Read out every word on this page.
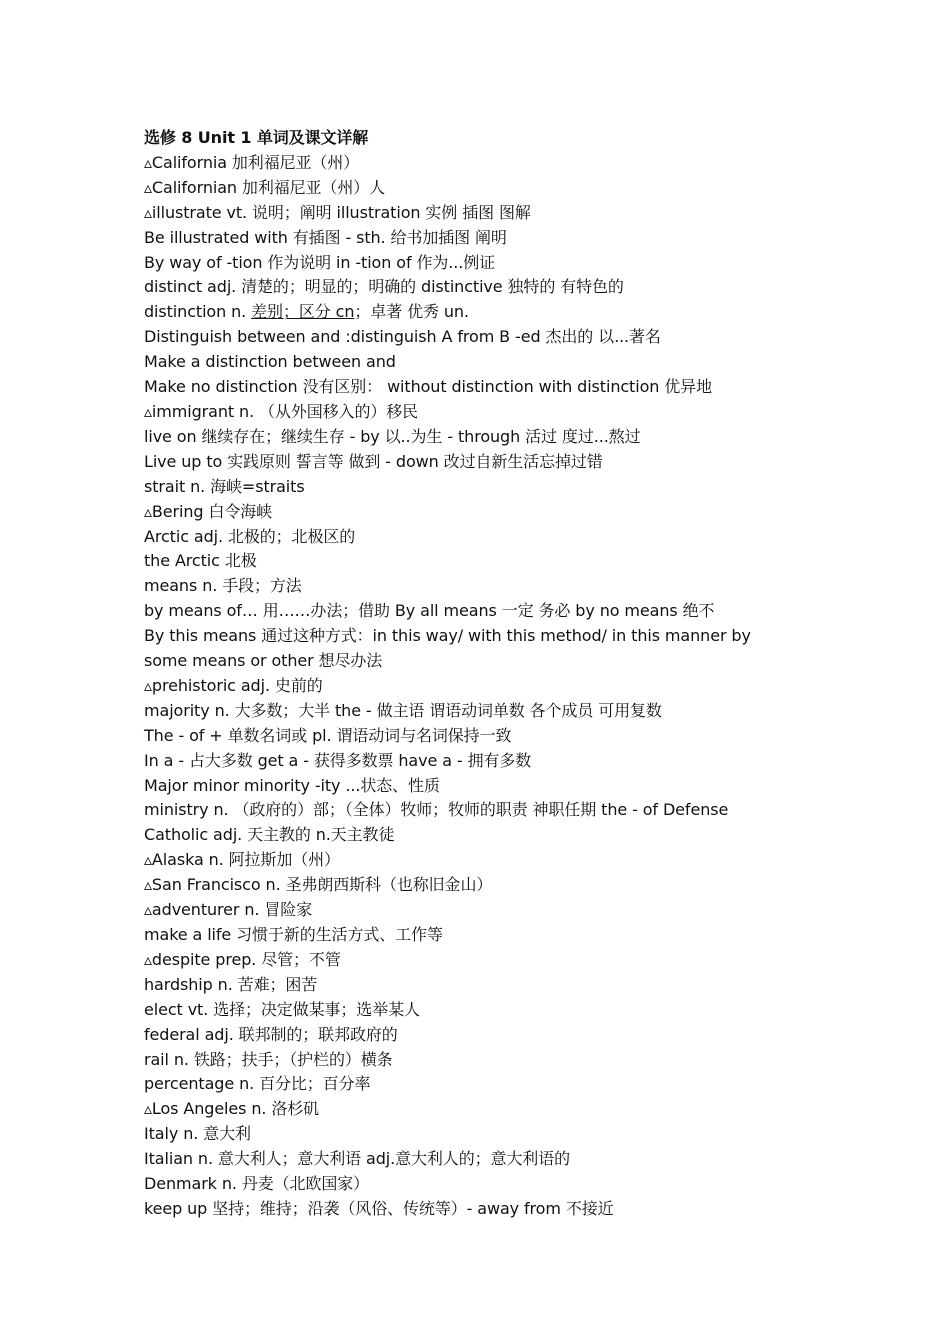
选修 8 Unit 1 单词及课文详解
▵California 加利福尼亚（州）
▵Californian 加利福尼亚（州）人
▵illustrate vt. 说明；阐明 illustration 实例 插图 图解
Be illustrated with 有插图 - sth. 给书加插图 阐明
By way of -tion 作为说明 in -tion of 作为...例证
distinct adj. 清楚的；明显的；明确的 distinctive 独特的 有特色的
distinction n. 差别；区分 cn；卓著 优秀 un.
Distinguish between and :distinguish A from B -ed 杰出的 以...著名
Make a distinction between and
Make no distinction 没有区别： without distinction with distinction 优异地
▵immigrant n. （从外国移入的）移民
live on 继续存在；继续生存 - by 以..为生 - through 活过 度过...熬过
Live up to 实践原则 誓言等 做到 - down 改过自新生活忘掉过错
strait n. 海峡=straits
▵Bering 白令海峡
Arctic adj. 北极的；北极区的
the Arctic 北极
means n. 手段；方法
by means of… 用……办法；借助 By all means 一定 务必 by no means 绝不
By this means 通过这种方式：in this way/ with this method/ in this manner by
some means or other 想尽办法
▵prehistoric adj. 史前的
majority n. 大多数；大半 the - 做主语 谓语动词单数 各个成员 可用复数
The - of + 单数名词或 pl. 谓语动词与名词保持一致
In a - 占大多数 get a - 获得多数票 have a - 拥有多数
Major minor minority -ity ...状态、性质
ministry n. （政府的）部；（全体）牧师；牧师的职责 神职任期 the - of Defense
Catholic adj. 天主教的 n.天主教徒
▵Alaska n. 阿拉斯加（州）
▵San Francisco n. 圣弗朗西斯科（也称旧金山）
▵adventurer n. 冒险家
make a life 习惯于新的生活方式、工作等
▵despite prep. 尽管；不管
hardship n. 苦难；困苦
elect vt. 选择；决定做某事；选举某人
federal adj. 联邦制的；联邦政府的
rail n. 铁路；扶手；（护栏的）横条
percentage n. 百分比；百分率
▵Los Angeles n. 洛杉矶
Italy n. 意大利
Italian n. 意大利人；意大利语 adj.意大利人的；意大利语的
Denmark n. 丹麦（北欧国家）
keep up 坚持；维持；沿袭（风俗、传统等）- away from 不接近
